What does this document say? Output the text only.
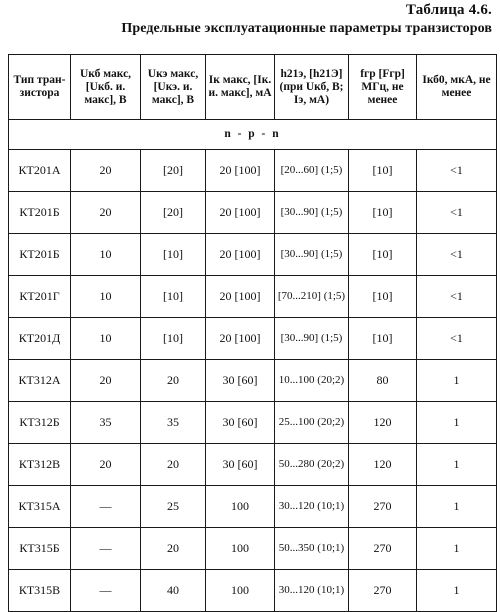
Таблица 4.6.
Предельные эксплуатационные параметры транзисторов
Тип тран-зистора	Uкб макс, [Uкб. и. макс], В	Uкэ макс, [Uкэ. и. макс], В	Iк макс, [Iк. и. макс], мА	h21э, [h21Э] (при Uкб, В; Iэ, мА)	fгр [Fгр] МГц, не менее	Iкб0, мкА, не менее
n - p - n						
КТ201А	20	[20]	20 [100]	[20...60] (1;5)	[10]	<1
КТ201Б	20	[20]	20 [100]	[30...90] (1;5)	[10]	<1
КТ201Б	10	[10]	20 [100]	[30...90] (1;5)	[10]	<1
КТ201Г	10	[10]	20 [100]	[70...210] (1;5)	[10]	<1
КТ201Д	10	[10]	20 [100]	[30...90] (1;5)	[10]	<1
КТ312А	20	20	30 [60]	10...100 (20;2)	80	1
КТ312Б	35	35	30 [60]	25...100 (20;2)	120	1
КТ312В	20	20	30 [60]	50...280 (20;2)	120	1
КТ315А	—	25	100	30...120 (10;1)	270	1
КТ315Б	—	20	100	50...350 (10;1)	270	1
КТ315В	—	40	100	30...120 (10;1)	270	1
